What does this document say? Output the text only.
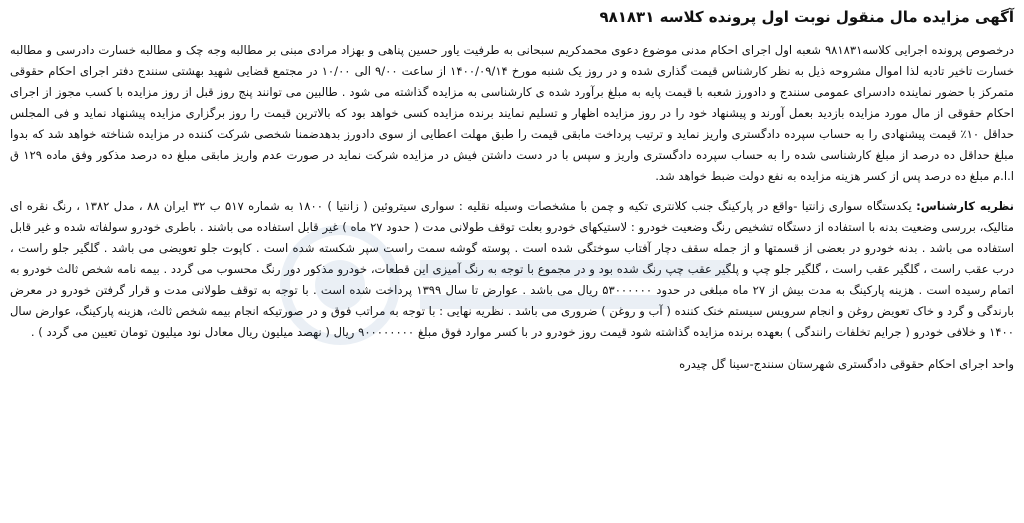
آگهی مزایده مال منقول نوبت اول پرونده کلاسه ۹۸۱۸۳۱

درخصوص پرونده اجرایی کلاسه۹۸۱۸۳۱ شعبه اول اجرای احکام مدنی موضوع دعوی محمدکریم سبحانی به طرفیت یاور حسین پناهی و بهزاد مرادی مبنی بر مطالبه وجه چک و مطالبه خسارت دادرسی و مطالبه خسارت تاخیر تادیه لذا اموال مشروحه ذیل به نظر کارشناس قیمت گذاری شده و در روز یک شنبه مورخ ۱۴۰۰/۰۹/۱۴ از ساعت ۹/۰۰ الی ۱۰/۰۰ در مجتمع قضایی شهید بهشتی سنندج دفتر اجرای احکام حقوقی متمرکز با حضور نماینده دادسرای عمومی سنندج و دادورز شعبه با قیمت پایه به مبلغ برآورد شده ی کارشناسی به مزایده گذاشته می شود . طالبین می توانند پنج روز قبل از روز مزایده با کسب مجوز از اجرای احکام حقوقی از مال مورد مزایده بازدید بعمل آورند و پیشنهاد خود را در روز مزایده اظهار و تسلیم نمایند برنده مزایده کسی خواهد بود که بالاترین قیمت را روز برگزاری مزایده پیشنهاد نماید و فی المجلس حداقل ۱۰٪ قیمت پیشنهادی را به حساب سپرده دادگستری واریز نماید و ترتیب پرداخت مابقی قیمت را طبق مهلت اعطایی از سوی دادورز بدهدضمنا شخصی شرکت کننده در مزایده شناخته خواهد شد که بدوا مبلغ حداقل ده درصد از مبلغ کارشناسی شده را به حساب سپرده دادگستری واریز و سپس با در دست داشتن فیش در مزایده شرکت نماید در صورت عدم واریز مابقی مبلغ ده درصد مذکور وفق ماده ۱۲۹ ق ا.ا.م مبلغ ده درصد پس از کسر هزینه مزایده به نفع دولت ضبط خواهد شد.

نظریه کارشناس: یکدستگاه سواری زانتیا -واقع در پارکینگ جنب کلانتری تکیه و چمن با مشخصات وسیله نقلیه : سواری سیتروئین ( زانتیا ) ۱۸۰۰ به شماره ۵۱۷ ب ۳۲ ایران ۸۸ ، مدل ۱۳۸۲ ، رنگ نقره ای متالیک، بررسی وضعیت بدنه با استفاده از دستگاه تشخیص رنگ وضعیت خودرو : لاستیکهای خودرو بعلت توقف طولانی مدت ( حدود ۲۷ ماه ) غیر قابل استفاده می باشند . باطری خودرو سولفاته شده و غیر قابل استفاده می باشد . بدنه خودرو در بعضی از قسمتها و از جمله سقف دچار آفتاب سوختگی شده است . پوسته گوشه سمت راست سپر شکسته شده است . کاپوت جلو تعویضی می باشد . گلگیر جلو راست ، درب عقب راست ، گلگیر عقب راست ، گلگیر جلو چپ و پلگیر عقب چپ رنگ شده بود و در مجموع با توجه به رنگ آمیزی این قطعات، خودرو مذکور دور رنگ محسوب می گردد . بیمه نامه شخص ثالث خودرو به اتمام رسیده است . هزینه پارکینگ به مدت بیش از ۲۷ ماه مبلغی در حدود ۵۳۰۰۰۰۰۰ ریال می باشد . عوارض تا سال ۱۳۹۹ پرداخت شده است . با توجه به توقف طولانی مدت و قرار گرفتن خودرو در معرض بارندگی و گرد و خاک تعویض روغن و انجام سرویس سیستم خنک کننده ( آب و روغن ) ضروری می باشد . نظریه نهایی : با توجه به مراتب فوق و در صورتیکه انجام بیمه شخص ثالث، هزینه پارکینگ، عوارض سال ۱۴۰۰ و خلافی خودرو ( جرایم تخلفات رانندگی ) بعهده برنده مزایده گذاشته شود قیمت روز خودرو در با کسر موارد فوق مبلغ ۹۰۰۰۰۰۰۰۰ ریال ( نهصد میلیون ریال معادل نود میلیون تومان تعیین می گردد ) .

واحد اجرای احکام حقوقی دادگستری شهرستان سنندج-سینا گل چیدره
